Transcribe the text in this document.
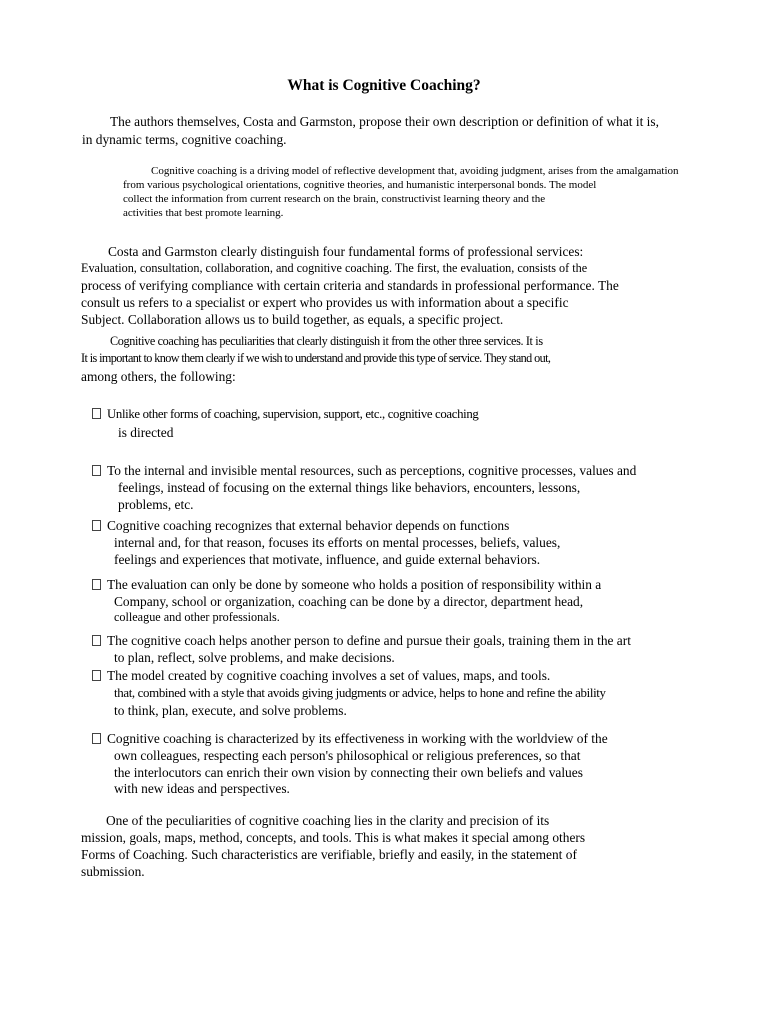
What is Cognitive Coaching?
The authors themselves, Costa and Garmston, propose their own description or definition of what it is,
in dynamic terms, cognitive coaching.
Cognitive coaching is a driving model of reflective development that, avoiding judgment, arises from the amalgamation
from various psychological orientations, cognitive theories, and humanistic interpersonal bonds. The model
collect the information from current research on the brain, constructivist learning theory and the
activities that best promote learning.
Costa and Garmston clearly distinguish four fundamental forms of professional services:
Evaluation, consultation, collaboration, and cognitive coaching. The first, the evaluation, consists of the
process of verifying compliance with certain criteria and standards in professional performance. The
consult us refers to a specialist or expert who provides us with information about a specific
Subject. Collaboration allows us to build together, as equals, a specific project.
Cognitive coaching has peculiarities that clearly distinguish it from the other three services. It is
It is important to know them clearly if we wish to understand and provide this type of service. They stand out,
among others, the following:
Unlike other forms of coaching, supervision, support, etc., cognitive coaching
is directed
To the internal and invisible mental resources, such as perceptions, cognitive processes, values and
feelings, instead of focusing on the external things like behaviors, encounters, lessons,
problems, etc.
Cognitive coaching recognizes that external behavior depends on functions
internal and, for that reason, focuses its efforts on mental processes, beliefs, values,
feelings and experiences that motivate, influence, and guide external behaviors.
The evaluation can only be done by someone who holds a position of responsibility within a
Company, school or organization, coaching can be done by a director, department head,
colleague and other professionals.
The cognitive coach helps another person to define and pursue their goals, training them in the art
to plan, reflect, solve problems, and make decisions.
The model created by cognitive coaching involves a set of values, maps, and tools.
that, combined with a style that avoids giving judgments or advice, helps to hone and refine the ability
to think, plan, execute, and solve problems.
Cognitive coaching is characterized by its effectiveness in working with the worldview of the
own colleagues, respecting each person's philosophical or religious preferences, so that
the interlocutors can enrich their own vision by connecting their own beliefs and values
with new ideas and perspectives.
One of the peculiarities of cognitive coaching lies in the clarity and precision of its
mission, goals, maps, method, concepts, and tools. This is what makes it special among others
Forms of Coaching. Such characteristics are verifiable, briefly and easily, in the statement of
submission.
